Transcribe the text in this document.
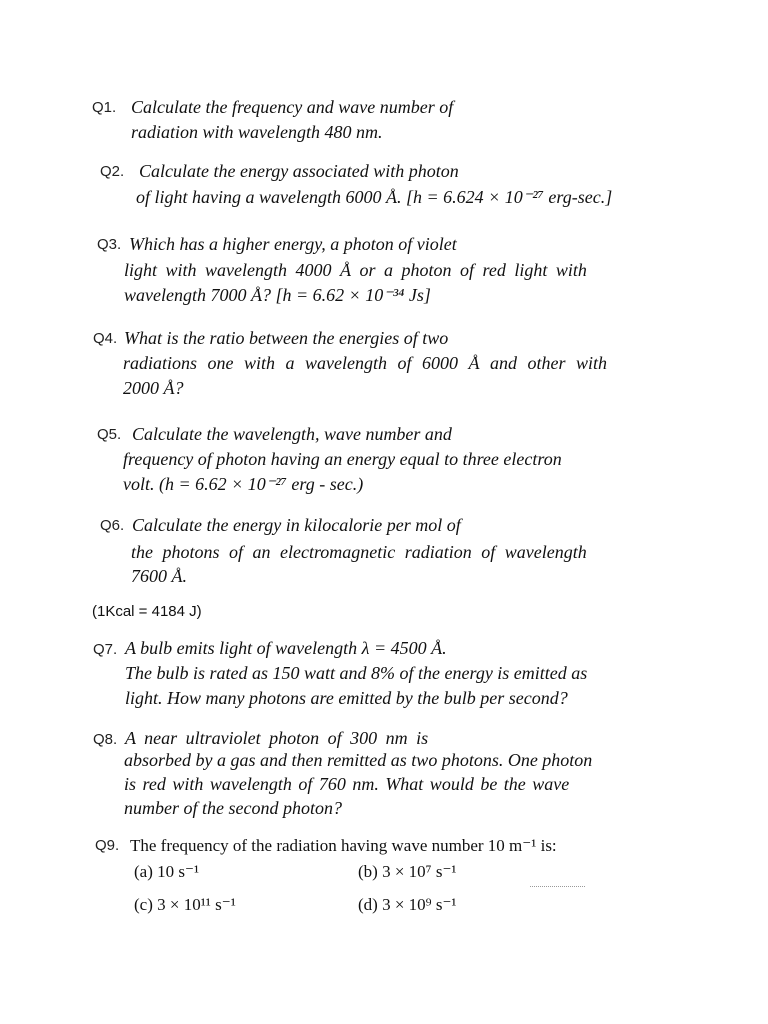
Q1. Calculate the frequency and wave number of
radiation with wavelength 480 nm.
Q2. Calculate the energy associated with photon
of light having a wavelength 6000 Å. [h = 6.624 × 10⁻²⁷ erg-sec.]
Q3. Which has a higher energy, a photon of violet
light with wavelength 4000 Å or a photon of red light with
wavelength 7000 Å? [h = 6.62 × 10⁻³⁴ Js]
Q4. What is the ratio between the energies of two
radiations one with a wavelength of 6000 Å and other with
2000 Å?
Q5. Calculate the wavelength, wave number and
frequency of photon having an energy equal to three electron
volt. (h = 6.62 × 10⁻²⁷ erg - sec.)
Q6. Calculate the energy in kilocalorie per mol of
the photons of an electromagnetic radiation of wavelength
7600 Å.
(1Kcal = 4184 J)
Q7. A bulb emits light of wavelength λ = 4500 Å.
The bulb is rated as 150 watt and 8% of the energy is emitted as
light. How many photons are emitted by the bulb per second?
Q8. A near ultraviolet photon of 300 nm is
absorbed by a gas and then remitted as two photons. One photon
is red with wavelength of 760 nm. What would be the wave
number of the second photon?
Q9. The frequency of the radiation having wave number 10 m⁻¹ is:
(a) 10 s⁻¹	(b) 3 × 10⁷ s⁻¹
(c) 3 × 10¹¹ s⁻¹	(d) 3 × 10⁹ s⁻¹
